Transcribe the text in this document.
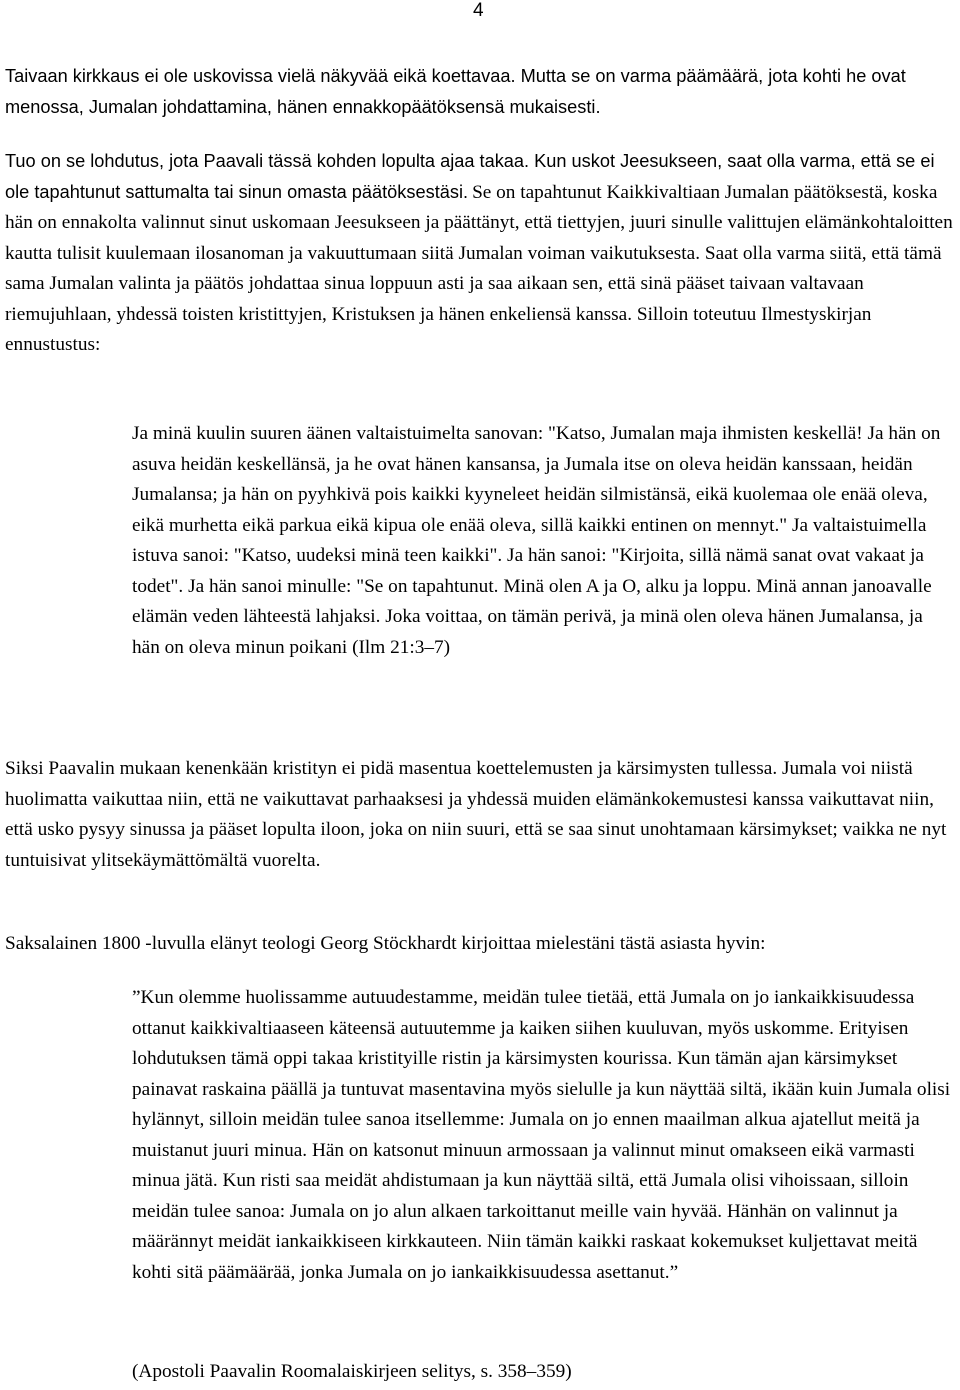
4

Taivaan kirkkaus ei ole uskovissa vielä näkyvää eikä koettavaa. Mutta se on varma päämäärä, jota kohti he ovat menossa, Jumalan johdattamina, hänen ennakkopäätöksensä mukaisesti.

Tuo on se lohdutus, jota Paavali tässä kohden lopulta ajaa takaa. Kun uskot Jeesukseen, saat olla varma, että se ei ole tapahtunut sattumalta tai sinun omasta päätöksestäsi. Se on tapahtunut Kaikkivaltiaan Jumalan päätöksestä, koska hän on ennakolta valinnut sinut uskomaan Jeesukseen ja päättänyt, että tiettyjen, juuri sinulle valittujen elämänkohtaloitten kautta tulisit kuulemaan ilosanoman ja vakuuttumaan siitä Jumalan voiman vaikutuksesta. Saat olla varma siitä, että tämä sama Jumalan valinta ja päätös johdattaa sinua loppuun asti ja saa aikaan sen, että sinä pääset taivaan valtavaan riemujuhlaan, yhdessä toisten kristittyjen, Kristuksen ja hänen enkeliensä kanssa. Silloin toteutuu Ilmestyskirjan ennustustus:

Ja minä kuulin suuren äänen valtaistuimelta sanovan: "Katso, Jumalan maja ihmisten keskellä! Ja hän on asuva heidän keskellänsä, ja he ovat hänen kansansa, ja Jumala itse on oleva heidän kanssaan, heidän Jumalansa; ja hän on pyyhkivä pois kaikki kyyneleet heidän silmistänsä, eikä kuolemaa ole enää oleva, eikä murhetta eikä parkua eikä kipua ole enää oleva, sillä kaikki entinen on mennyt." Ja valtaistuimella istuva sanoi: "Katso, uudeksi minä teen kaikki". Ja hän sanoi: "Kirjoita, sillä nämä sanat ovat vakaat ja todet". Ja hän sanoi minulle: "Se on tapahtunut. Minä olen A ja O, alku ja loppu. Minä annan janoavalle elämän veden lähteestä lahjaksi. Joka voittaa, on tämän perivä, ja minä olen oleva hänen Jumalansa, ja hän on oleva minun poikani (Ilm 21:3–7)

Siksi Paavalin mukaan kenenkään kristityn ei pidä masentua koettelemusten ja kärsimysten tullessa. Jumala voi niistä huolimatta vaikuttaa niin, että ne vaikuttavat parhaaksesi ja yhdessä muiden elämänkokemustesi kanssa vaikuttavat niin, että usko pysyy sinussa ja pääset lopulta iloon, joka on niin suuri, että se saa sinut unohtamaan kärsimykset; vaikka ne nyt tuntuisivat ylitsekäymättömältä vuorelta.

Saksalainen 1800 -luvulla elänyt teologi Georg Stöckhardt kirjoittaa mielestäni tästä asiasta hyvin:

”Kun olemme huolissamme autuudestamme, meidän tulee tietää, että Jumala on jo iankaikkisuudessa ottanut kaikkivaltiaaseen käteensä autuutemme ja kaiken siihen kuuluvan, myös uskomme. Erityisen lohdutuksen tämä oppi takaa kristityille ristin ja kärsimysten kourissa. Kun tämän ajan kärsimykset painavat raskaina päällä ja tuntuvat masentavina myös sielulle ja kun näyttää siltä, ikään kuin Jumala olisi hylännyt, silloin meidän tulee sanoa itsellemme: Jumala on jo ennen maailman alkua ajatellut meitä ja muistanut juuri minua. Hän on katsonut minuun armossaan ja valinnut minut omakseen eikä varmasti minua jätä. Kun risti saa meidät ahdistumaan ja kun näyttää siltä, että Jumala olisi vihoissaan, silloin meidän tulee sanoa: Jumala on jo alun alkaen tarkoittanut meille vain hyvää. Hänhän on valinnut ja määrännyt meidät iankaikkiseen kirkkauteen. Niin tämän kaikki raskaat kokemukset kuljettavat meitä kohti sitä päämäärää, jonka Jumala on jo iankaikkisuudessa asettanut.”

(Apostoli Paavalin Roomalaiskirjeen selitys, s. 358–359)
